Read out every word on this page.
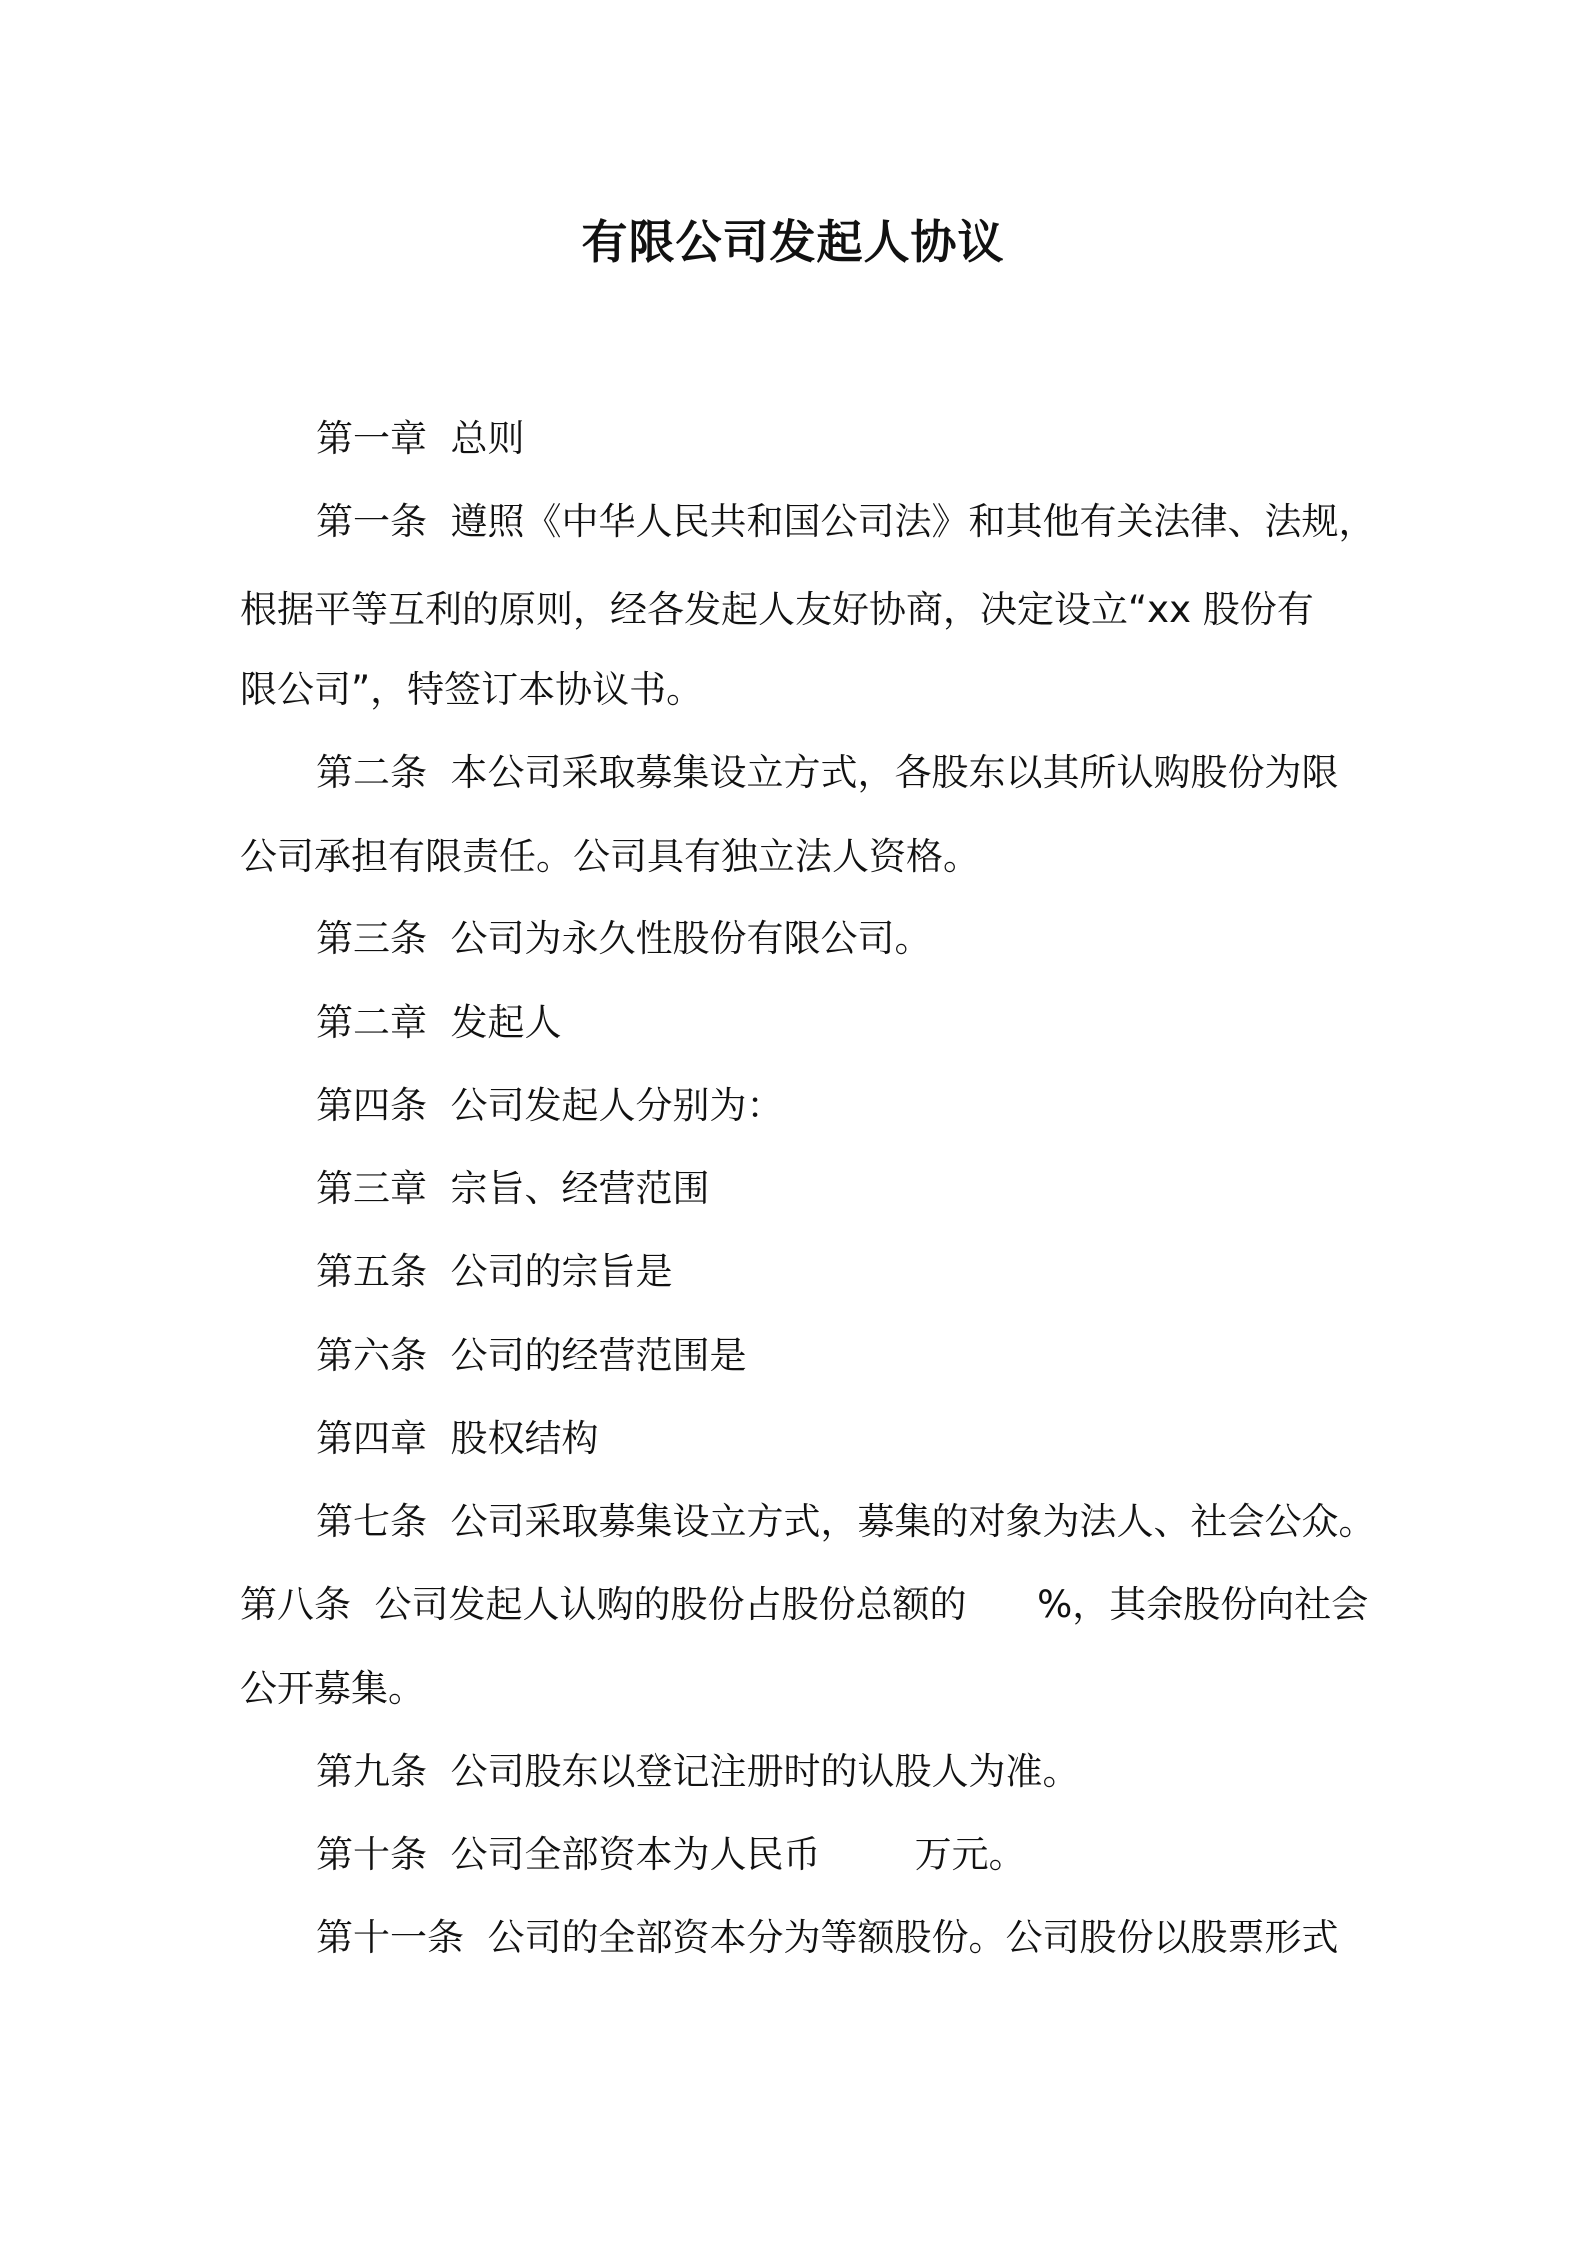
有限公司发起人协议
第一章  总则
第一条  遵照《中华人民共和国公司法》和其他有关法律、法规，
根据平等互利的原则，经各发起人友好协商，决定设立“xx 股份有
限公司”，特签订本协议书。
第二条  本公司采取募集设立方式，各股东以其所认购股份为限
公司承担有限责任。公司具有独立法人资格。
第三条  公司为永久性股份有限公司。
第二章  发起人
第四条  公司发起人分别为：
第三章  宗旨、经营范围
第五条  公司的宗旨是
第六条  公司的经营范围是
第四章  股权结构
第七条  公司采取募集设立方式，募集的对象为法人、社会公众。
第八条  公司发起人认购的股份占股份总额的      %，其余股份向社会
公开募集。
第九条  公司股东以登记注册时的认股人为准。
第十条  公司全部资本为人民币        万元。
第十一条  公司的全部资本分为等额股份。公司股份以股票形式
